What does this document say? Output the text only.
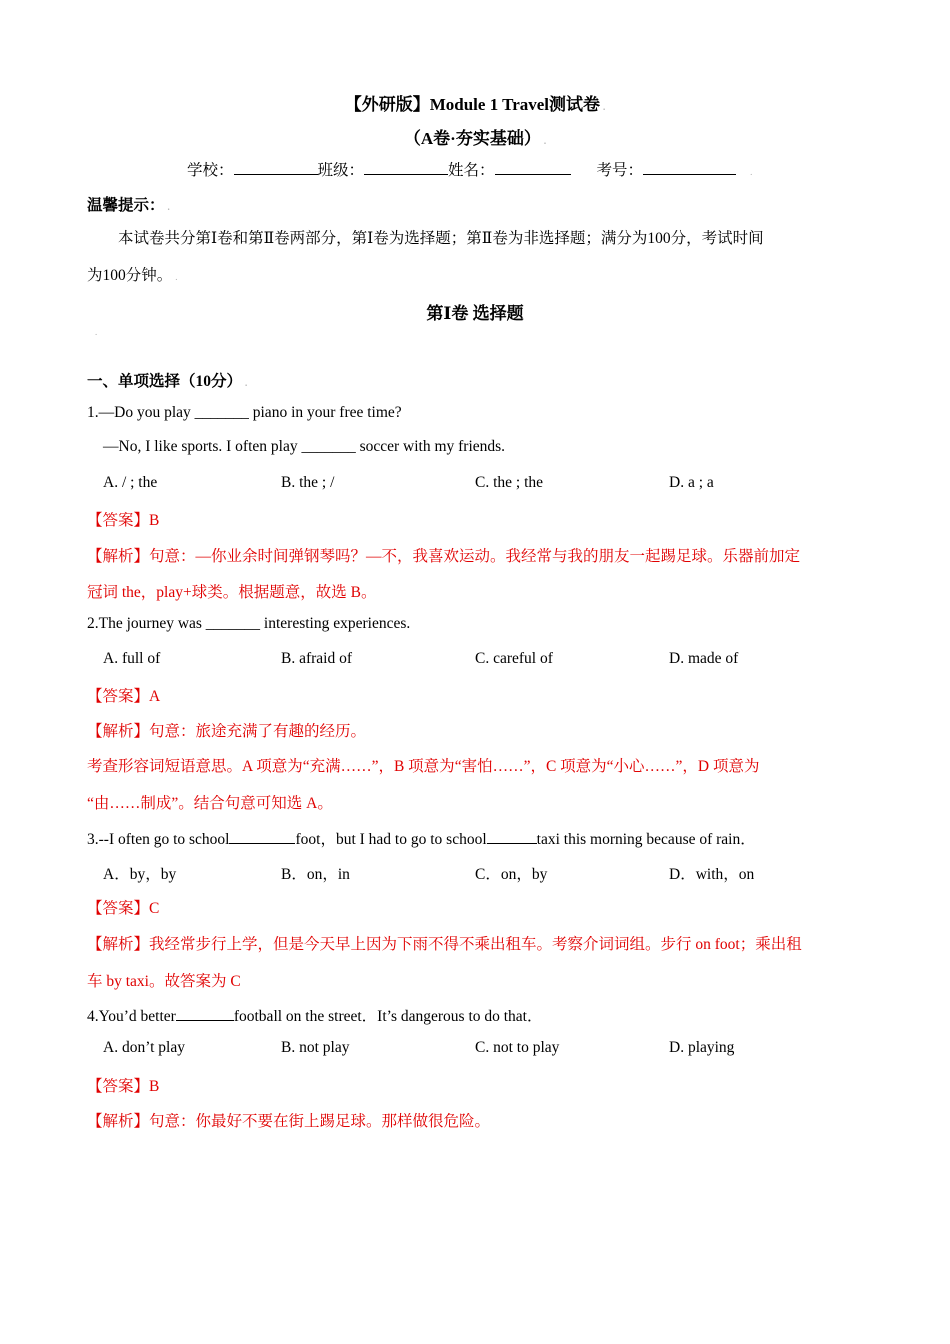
【外研版】Module 1 Travel测试卷 .
（A卷·夯实基础） .
学校：	班级：	姓名：	考号：	.
温馨提示： .
本试卷共分第Ⅰ卷和第Ⅱ卷两部分，第Ⅰ卷为选择题；第Ⅱ卷为非选择题；满分为100分，考试时间
为100分钟。 .
第Ⅰ卷 选择题
.
一、单项选择（10分） .
1.—Do you play _______ piano in your free time?
—No, I like sports. I often play _______ soccer with my friends.
A. / ; the	B. the ; /	C. the ; the	D. a ; a
【答案】B
【解析】句意：—你业余时间弹钢琴吗？—不，我喜欢运动。我经常与我的朋友一起踢足球。乐器前加定
冠词 the，play+球类。根据题意，故选 B。
2.The journey was _______ interesting experiences.
A. full of	B. afraid of	C. careful of	D. made of
【答案】A
【解析】句意：旅途充满了有趣的经历。
考查形容词短语意思。A 项意为“充满……”，B 项意为“害怕……”，C 项意为“小心……”，D 项意为
“由……制成”。结合句意可知选 A。
3.--I often go to school	foot，but I had to go to school	taxi this morning because of rain．
A．by，by	B．on，in	C．on，by	D．with，on
【答案】C
【解析】我经常步行上学，但是今天早上因为下雨不得不乘出租车。考察介词词组。步行 on foot；乘出租
车 by taxi。故答案为 C
4.You’d better	football on the street．It’s dangerous to do that．
A. don’t play	B. not play	C. not to play	D. playing
【答案】B
【解析】句意：你最好不要在街上踢足球。那样做很危险。
